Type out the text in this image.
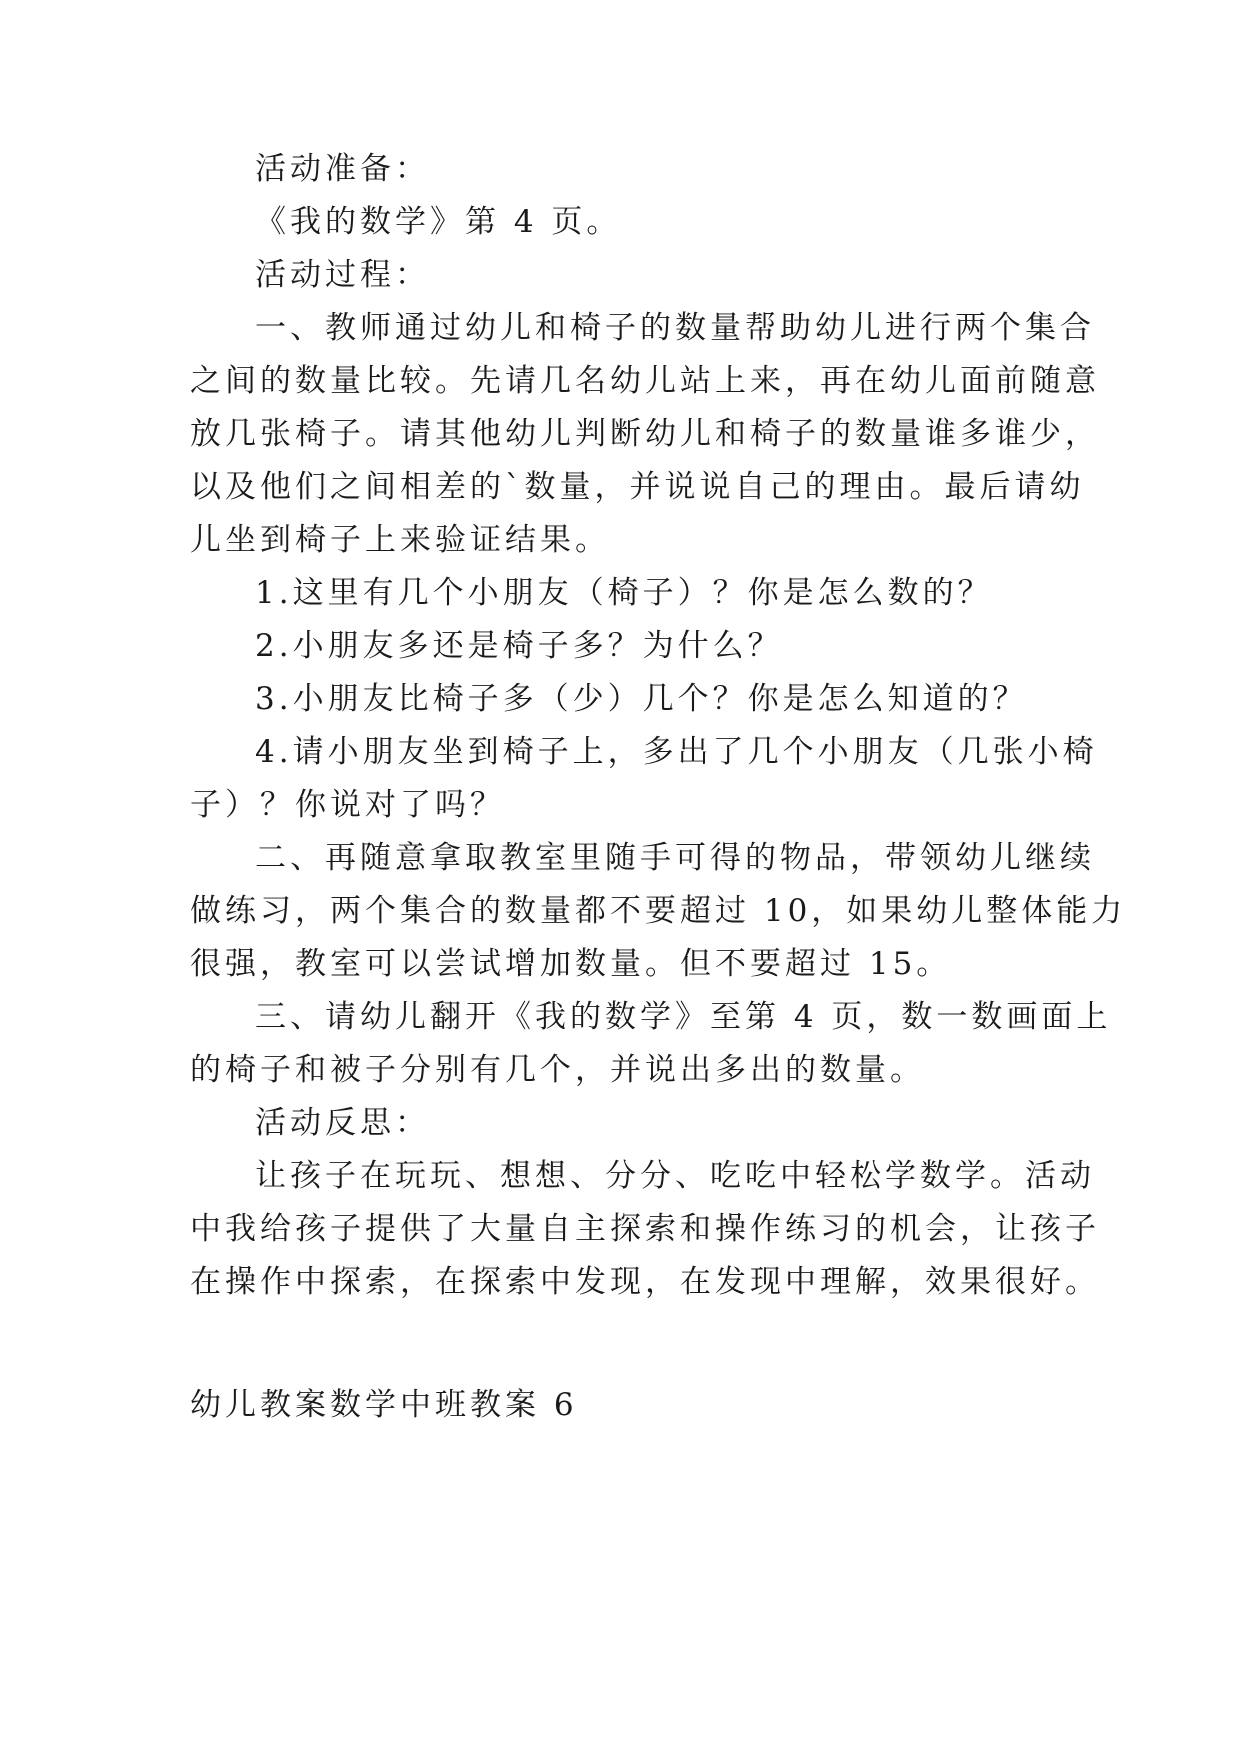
活动准备：
《我的数学》第 4 页。
活动过程：
一、教师通过幼儿和椅子的数量帮助幼儿进行两个集合
之间的数量比较。先请几名幼儿站上来，再在幼儿面前随意
放几张椅子。请其他幼儿判断幼儿和椅子的数量谁多谁少，
以及他们之间相差的`数量，并说说自己的理由。最后请幼
儿坐到椅子上来验证结果。
1.这里有几个小朋友（椅子）？你是怎么数的？
2.小朋友多还是椅子多？为什么？
3.小朋友比椅子多（少）几个？你是怎么知道的？
4.请小朋友坐到椅子上，多出了几个小朋友（几张小椅
子）？你说对了吗？
二、再随意拿取教室里随手可得的物品，带领幼儿继续
做练习，两个集合的数量都不要超过 10，如果幼儿整体能力
很强，教室可以尝试增加数量。但不要超过 15。
三、请幼儿翻开《我的数学》至第 4 页，数一数画面上
的椅子和被子分别有几个，并说出多出的数量。
活动反思：
让孩子在玩玩、想想、分分、吃吃中轻松学数学。活动
中我给孩子提供了大量自主探索和操作练习的机会，让孩子
在操作中探索，在探索中发现，在发现中理解，效果很好。
幼儿教案数学中班教案 6
